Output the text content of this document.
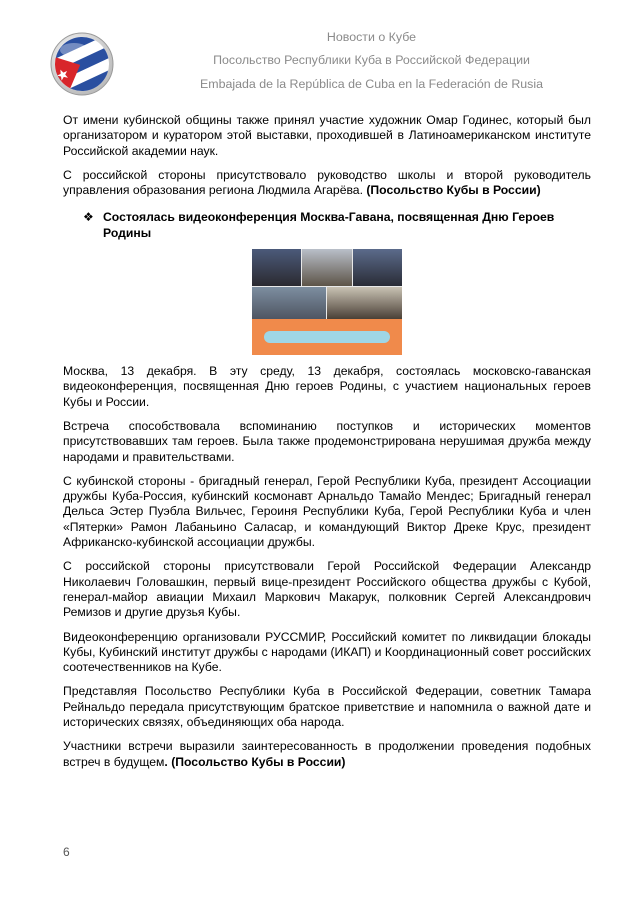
Новости о Кубе
Посольство Республики Куба в Российской Федерации
Embajada de la República de Cuba en la Federación de Rusia

От имени кубинской общины также принял участие художник Омар Годинес, который был организатором и куратором этой выставки, проходившей в Латиноамериканском институте Российской академии наук.

С российской стороны присутствовало руководство школы и второй руководитель управления образования региона Людмила Агарёва. (Посольство Кубы в России)

❖ Состоялась видеоконференция Москва-Гавана, посвященная Дню Героев Родины

Москва, 13 декабря. В эту среду, 13 декабря, состоялась московско-гаванская видеоконференция, посвященная Дню героев Родины, с участием национальных героев Кубы и России.

Встреча способствовала вспоминанию поступков и исторических моментов присутствовавших там героев. Была также продемонстрирована нерушимая дружба между народами и правительствами.

С кубинской стороны - бригадный генерал, Герой Республики Куба, президент Ассоциации дружбы Куба-Россия, кубинский космонавт Арнальдо Тамайо Мендес; Бригадный генерал Дельса Эстер Пуэбла Вильчес, Героиня Республики Куба, Герой Республики Куба и член «Пятерки» Рамон Лабаньино Саласар, и командующий Виктор Дреке Крус, президент Африканско-кубинской ассоциации дружбы.

С российской стороны присутствовали Герой Российской Федерации Александр Николаевич Головашкин, первый вице-президент Российского общества дружбы с Кубой, генерал-майор авиации Михаил Маркович Макарук, полковник Сергей Александрович Ремизов и другие друзья Кубы.

Видеоконференцию организовали РУССМИР, Российский комитет по ликвидации блокады Кубы, Кубинский институт дружбы с народами (ИКАП) и Координационный совет российских соотечественников на Кубе.

Представляя Посольство Республики Куба в Российской Федерации, советник Тамара Рейнальдо передала присутствующим братское приветствие и напомнила о важной дате и исторических связях, объединяющих оба народа.

Участники встречи выразили заинтересованность в продолжении проведения подобных встреч в будущем. (Посольство Кубы в России)

6
